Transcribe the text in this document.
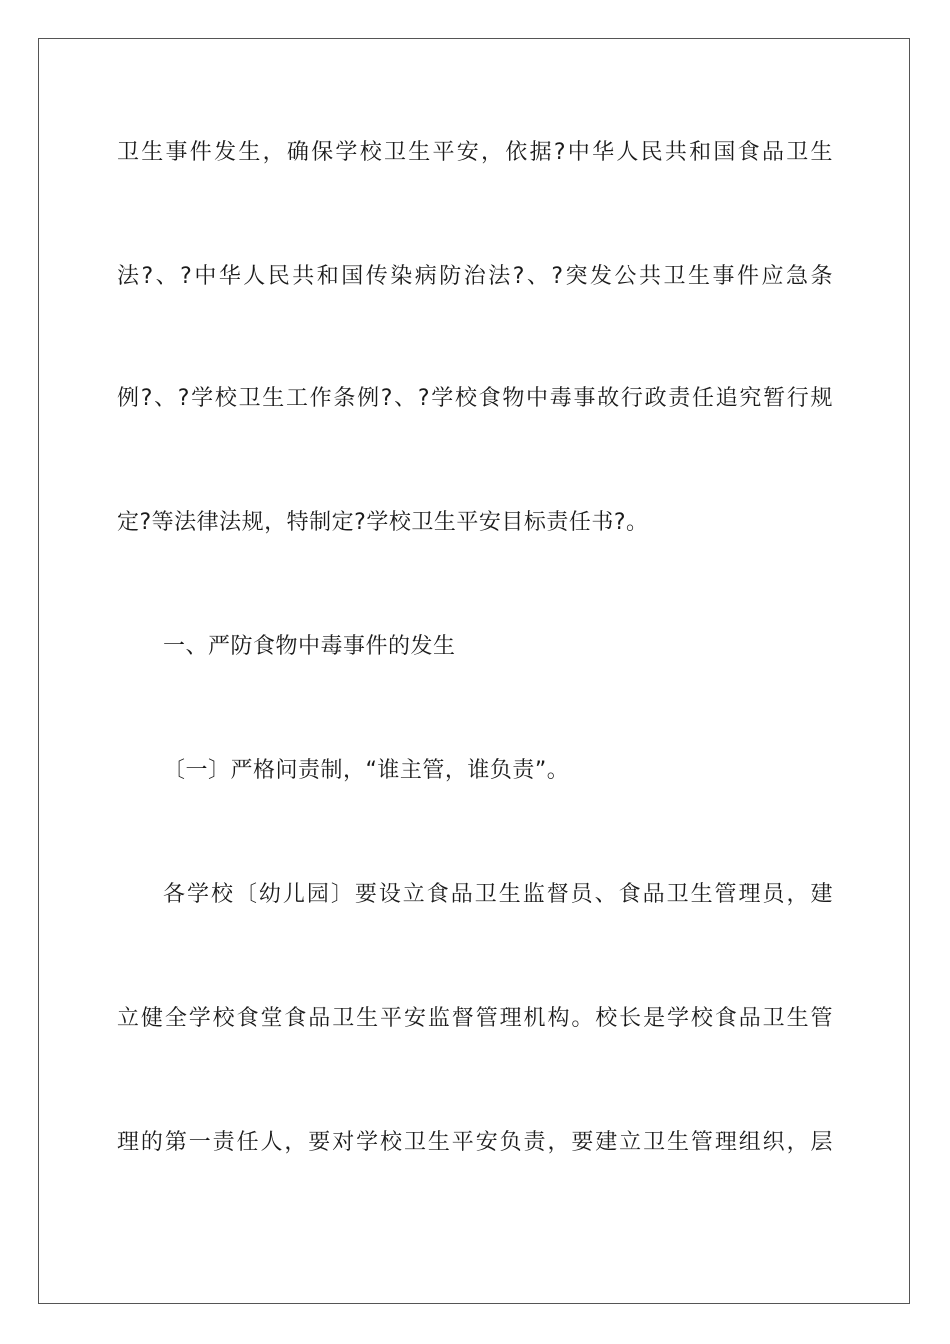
卫生事件发生，确保学校卫生平安，依据?中华人民共和国食品卫生
法?、?中华人民共和国传染病防治法?、?突发公共卫生事件应急条
例?、?学校卫生工作条例?、?学校食物中毒事故行政责任追究暂行规
定?等法律法规，特制定?学校卫生平安目标责任书?。
一、严防食物中毒事件的发生
〔一〕严格问责制，“谁主管，谁负责”。
各学校〔幼儿园〕要设立食品卫生监督员、食品卫生管理员，建
立健全学校食堂食品卫生平安监督管理机构。校长是学校食品卫生管
理的第一责任人，要对学校卫生平安负责，要建立卫生管理组织，层
